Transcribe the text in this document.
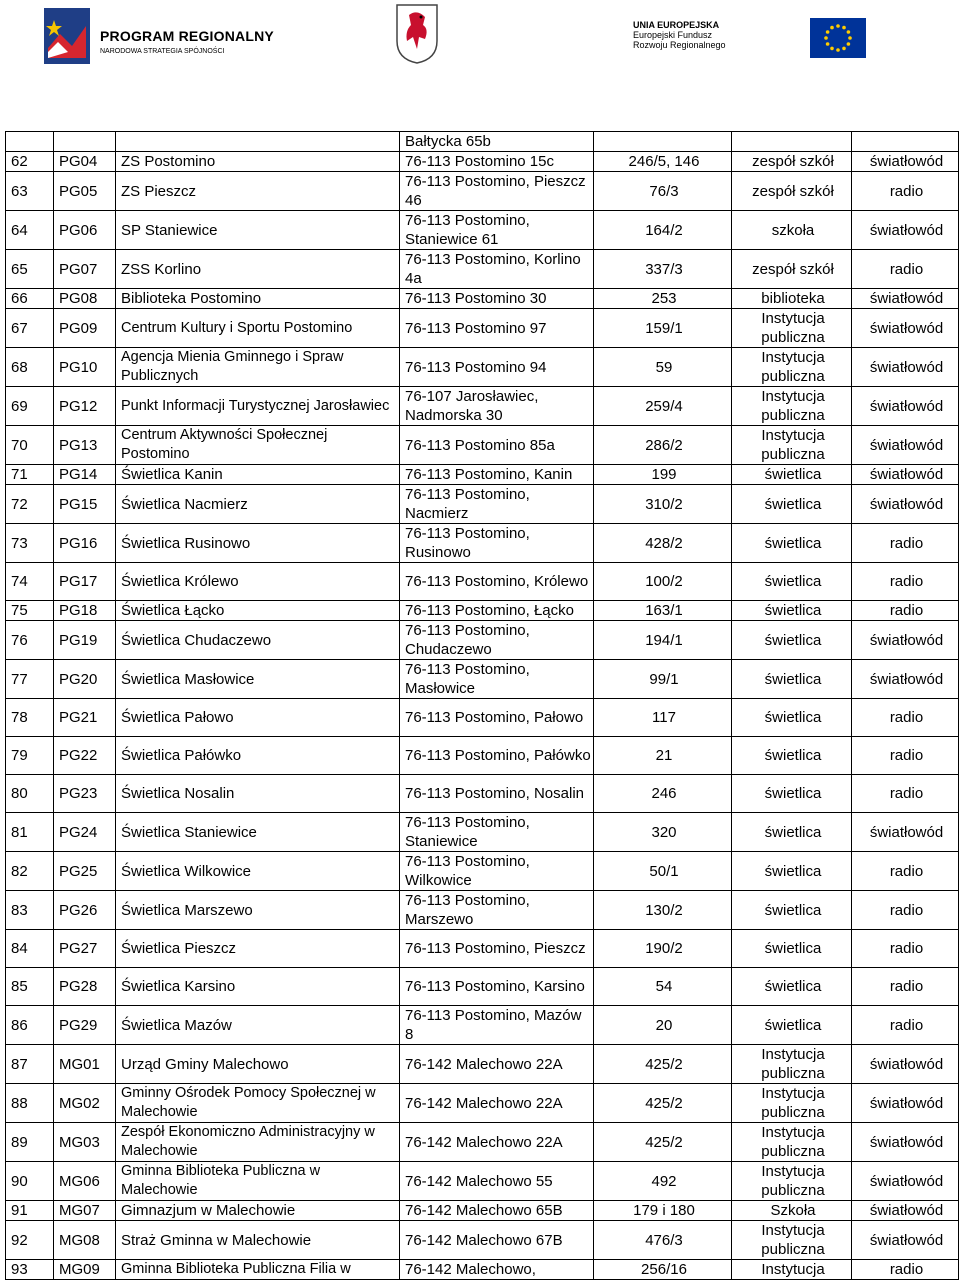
PROGRAM REGIONALNY
NARODOWA STRATEGIA SPÓJNOŚCI
UNIA EUROPEJSKA
Europejski Fundusz
Rozwoju Regionalnego
			Bałtycka 65b			
62	PG04	ZS Postomino	76-113 Postomino 15c	246/5, 146	zespół szkół	światłowód
63	PG05	ZS Pieszcz	76-113 Postomino, Pieszcz 46	76/3	zespół szkół	radio
64	PG06	SP Staniewice	76-113 Postomino, Staniewice 61	164/2	szkoła	światłowód
65	PG07	ZSS Korlino	76-113 Postomino, Korlino 4a	337/3	zespół szkół	radio
66	PG08	Biblioteka Postomino	76-113 Postomino 30	253	biblioteka	światłowód
67	PG09	Centrum Kultury i Sportu Postomino	76-113 Postomino 97	159/1	Instytucja publiczna	światłowód
68	PG10	Agencja Mienia Gminnego i Spraw Publicznych	76-113 Postomino 94	59	Instytucja publiczna	światłowód
69	PG12	Punkt Informacji Turystycznej Jarosławiec	76-107 Jarosławiec, Nadmorska 30	259/4	Instytucja publiczna	światłowód
70	PG13	Centrum Aktywności Społecznej Postomino	76-113 Postomino 85a	286/2	Instytucja publiczna	światłowód
71	PG14	Świetlica Kanin	76-113 Postomino, Kanin	199	świetlica	światłowód
72	PG15	Świetlica Nacmierz	76-113 Postomino, Nacmierz	310/2	świetlica	światłowód
73	PG16	Świetlica Rusinowo	76-113 Postomino, Rusinowo	428/2	świetlica	radio
74	PG17	Świetlica Królewo	76-113 Postomino, Królewo	100/2	świetlica	radio
75	PG18	Świetlica Łącko	76-113 Postomino, Łącko	163/1	świetlica	radio
76	PG19	Świetlica Chudaczewo	76-113 Postomino, Chudaczewo	194/1	świetlica	światłowód
77	PG20	Świetlica Masłowice	76-113 Postomino, Masłowice	99/1	świetlica	światłowód
78	PG21	Świetlica Pałowo	76-113 Postomino, Pałowo	117	świetlica	radio
79	PG22	Świetlica Pałówko	76-113 Postomino, Pałówko	21	świetlica	radio
80	PG23	Świetlica Nosalin	76-113 Postomino, Nosalin	246	świetlica	radio
81	PG24	Świetlica Staniewice	76-113 Postomino, Staniewice	320	świetlica	światłowód
82	PG25	Świetlica Wilkowice	76-113 Postomino, Wilkowice	50/1	świetlica	radio
83	PG26	Świetlica Marszewo	76-113 Postomino, Marszewo	130/2	świetlica	radio
84	PG27	Świetlica Pieszcz	76-113 Postomino, Pieszcz	190/2	świetlica	radio
85	PG28	Świetlica Karsino	76-113 Postomino, Karsino	54	świetlica	radio
86	PG29	Świetlica Mazów	76-113 Postomino, Mazów 8	20	świetlica	radio
87	MG01	Urząd Gminy Malechowo	76-142 Malechowo 22A	425/2	Instytucja publiczna	światłowód
88	MG02	Gminny Ośrodek Pomocy Społecznej w Malechowie	76-142 Malechowo 22A	425/2	Instytucja publiczna	światłowód
89	MG03	Zespół Ekonomiczno Administracyjny w Malechowie	76-142 Malechowo 22A	425/2	Instytucja publiczna	światłowód
90	MG06	Gminna Biblioteka Publiczna w Malechowie	76-142 Malechowo 55	492	Instytucja publiczna	światłowód
91	MG07	Gimnazjum w Malechowie	76-142 Malechowo 65B	179 i 180	Szkoła	światłowód
92	MG08	Straż Gminna w Malechowie	76-142 Malechowo 67B	476/3	Instytucja publiczna	światłowód
93	MG09	Gminna Biblioteka Publiczna Filia w	76-142 Malechowo,	256/16	Instytucja	radio
